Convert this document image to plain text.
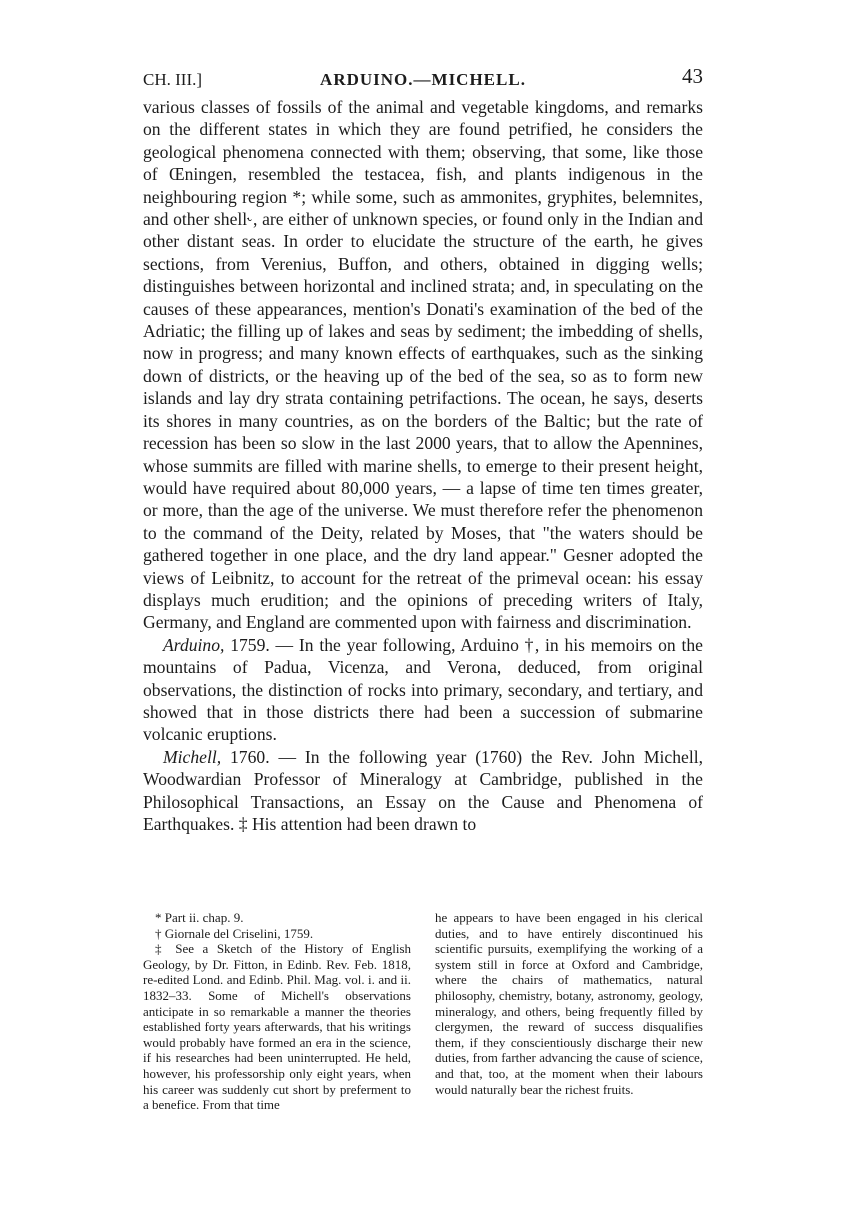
CH. III.]	ARDUINO.—MICHELL.	43

various classes of fossils of the animal and vegetable kingdoms, and remarks on the different states in which they are found petrified, he considers the geological phenomena connected with them; observing, that some, like those of Œningen, resembled the testacea, fish, and plants indigenous in the neighbouring region *; while some, such as ammonites, gryphites, belemnites, and other shell˞, are either of unknown species, or found only in the Indian and other distant seas. In order to elucidate the structure of the earth, he gives sections, from Verenius, Buffon, and others, obtained in digging wells; distinguishes between horizontal and inclined strata; and, in speculating on the causes of these appearances, mention's Donati's examination of the bed of the Adriatic; the filling up of lakes and seas by sediment; the imbedding of shells, now in progress; and many known effects of earthquakes, such as the sinking down of districts, or the heaving up of the bed of the sea, so as to form new islands and lay dry strata containing petrifactions. The ocean, he says, deserts its shores in many countries, as on the borders of the Baltic; but the rate of recession has been so slow in the last 2000 years, that to allow the Apennines, whose summits are filled with marine shells, to emerge to their present height, would have required about 80,000 years, — a lapse of time ten times greater, or more, than the age of the universe. We must therefore refer the phenomenon to the command of the Deity, related by Moses, that "the waters should be gathered together in one place, and the dry land appear." Gesner adopted the views of Leibnitz, to account for the retreat of the primeval ocean: his essay displays much erudition; and the opinions of preceding writers of Italy, Germany, and England are commented upon with fairness and discrimination.

Arduino, 1759. — In the year following, Arduino †, in his memoirs on the mountains of Padua, Vicenza, and Verona, deduced, from original observations, the distinction of rocks into primary, secondary, and tertiary, and showed that in those districts there had been a succession of submarine volcanic eruptions.

Michell, 1760. — In the following year (1760) the Rev. John Michell, Woodwardian Professor of Mineralogy at Cambridge, published in the Philosophical Transactions, an Essay on the Cause and Phenomena of Earthquakes. ‡ His attention had been drawn to

* Part ii. chap. 9.

† Giornale del Criselini, 1759.

‡ See a Sketch of the History of English Geology, by Dr. Fitton, in Edinb. Rev. Feb. 1818, re-edited Lond. and Edinb. Phil. Mag. vol. i. and ii. 1832–33. Some of Michell's observations anticipate in so remarkable a manner the theories established forty years afterwards, that his writings would probably have formed an era in the science, if his researches had been uninterrupted. He held, however, his professorship only eight years, when his career was suddenly cut short by preferment to a benefice. From that time

he appears to have been engaged in his clerical duties, and to have entirely discontinued his scientific pursuits, exemplifying the working of a system still in force at Oxford and Cambridge, where the chairs of mathematics, natural philosophy, chemistry, botany, astronomy, geology, mineralogy, and others, being frequently filled by clergymen, the reward of success disqualifies them, if they conscientiously discharge their new duties, from farther advancing the cause of science, and that, too, at the moment when their labours would naturally bear the richest fruits.
